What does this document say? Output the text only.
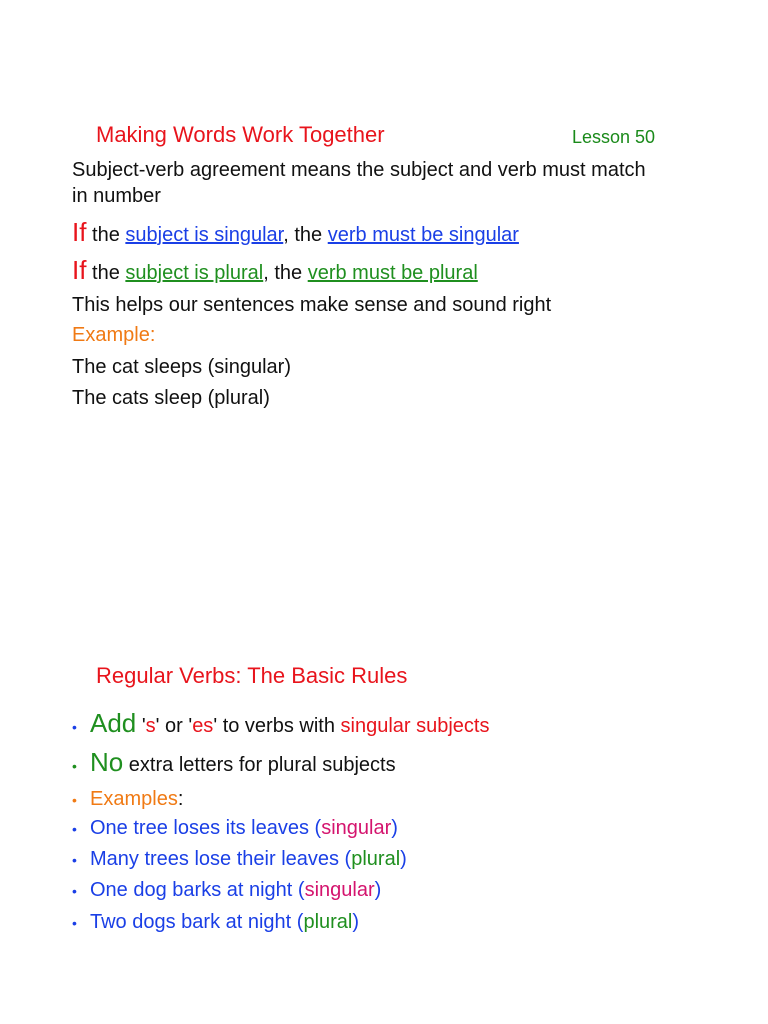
Making Words Work Together	Lesson 50
Subject-verb agreement means the subject and verb must match
in number
If the subject is singular, the verb must be singular
If the subject is plural, the verb must be plural
This helps our sentences make sense and sound right
Example:
The cat sleeps (singular)
The cats sleep (plural)
Regular Verbs: The Basic Rules
• Add 's' or 'es' to verbs with singular subjects
• No extra letters for plural subjects
• Examples:
• One tree loses its leaves (singular)
• Many trees lose their leaves (plural)
• One dog barks at night (singular)
• Two dogs bark at night (plural)
